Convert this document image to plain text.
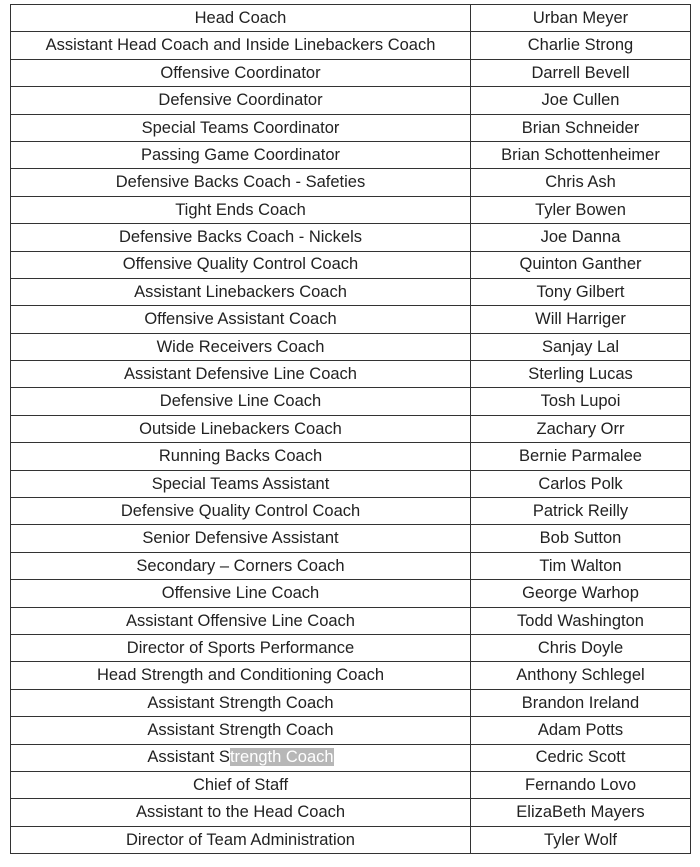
Head Coach	Urban Meyer
Assistant Head Coach and Inside Linebackers Coach	Charlie Strong
Offensive Coordinator	Darrell Bevell
Defensive Coordinator	Joe Cullen
Special Teams Coordinator	Brian Schneider
Passing Game Coordinator	Brian Schottenheimer
Defensive Backs Coach - Safeties	Chris Ash
Tight Ends Coach	Tyler Bowen
Defensive Backs Coach - Nickels	Joe Danna
Offensive Quality Control Coach	Quinton Ganther
Assistant Linebackers Coach	Tony Gilbert
Offensive Assistant Coach	Will Harriger
Wide Receivers Coach	Sanjay Lal
Assistant Defensive Line Coach	Sterling Lucas
Defensive Line Coach	Tosh Lupoi
Outside Linebackers Coach	Zachary Orr
Running Backs Coach	Bernie Parmalee
Special Teams Assistant	Carlos Polk
Defensive Quality Control Coach	Patrick Reilly
Senior Defensive Assistant	Bob Sutton
Secondary – Corners Coach	Tim Walton
Offensive Line Coach	George Warhop
Assistant Offensive Line Coach	Todd Washington
Director of Sports Performance	Chris Doyle
Head Strength and Conditioning Coach	Anthony Schlegel
Assistant Strength Coach	Brandon Ireland
Assistant Strength Coach	Adam Potts
Assistant Strength Coach	Cedric Scott
Chief of Staff	Fernando Lovo
Assistant to the Head Coach	ElizaBeth Mayers
Director of Team Administration	Tyler Wolf
